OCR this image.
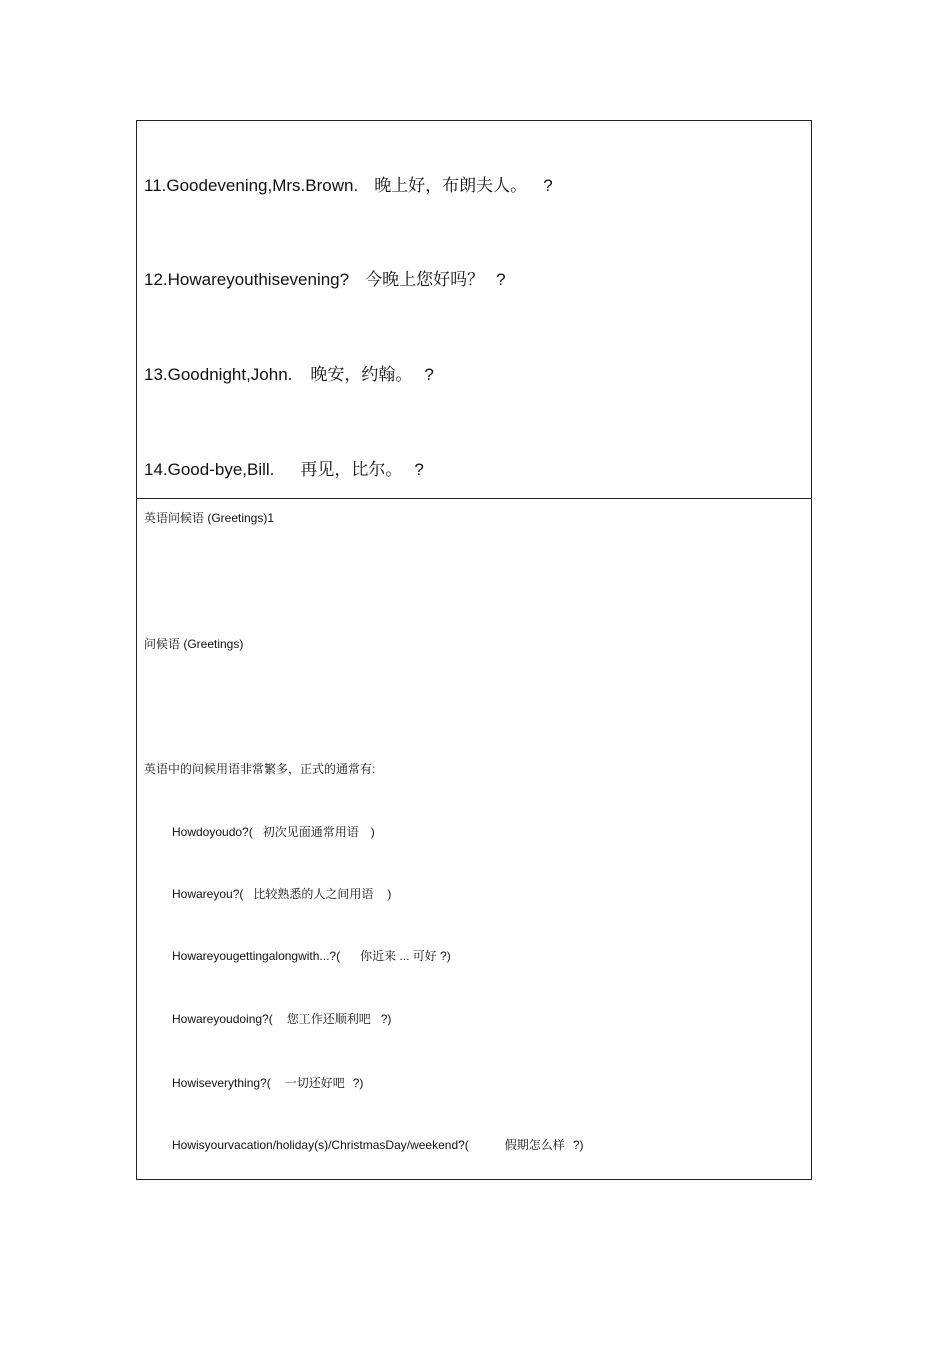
11.Goodevening,Mrs.Brown. 晚上好，布朗夫人。 ?
12.Howareyouthisevening? 今晚上您好吗？ ?
13.Goodnight,John. 晚安，约翰。 ?
14.Good-bye,Bill. 再见，比尔。 ?
英语问候语 (Greetings)1
问候语 (Greetings)
英语中的问候用语非常繁多，正式的通常有:
Howdoyoudo?( 初次见面通常用语 )
Howareyou?( 比较熟悉的人之间用语 )
Howareyougettingalongwith...?( 你近来 ... 可好 ?)
Howareyoudoing?( 您工作还顺利吧 ?)
Howiseverything?( 一切还好吧 ?)
Howisyourvacation/holiday(s)/ChristmasDay/weekend?(	假期怎么样 ?)
